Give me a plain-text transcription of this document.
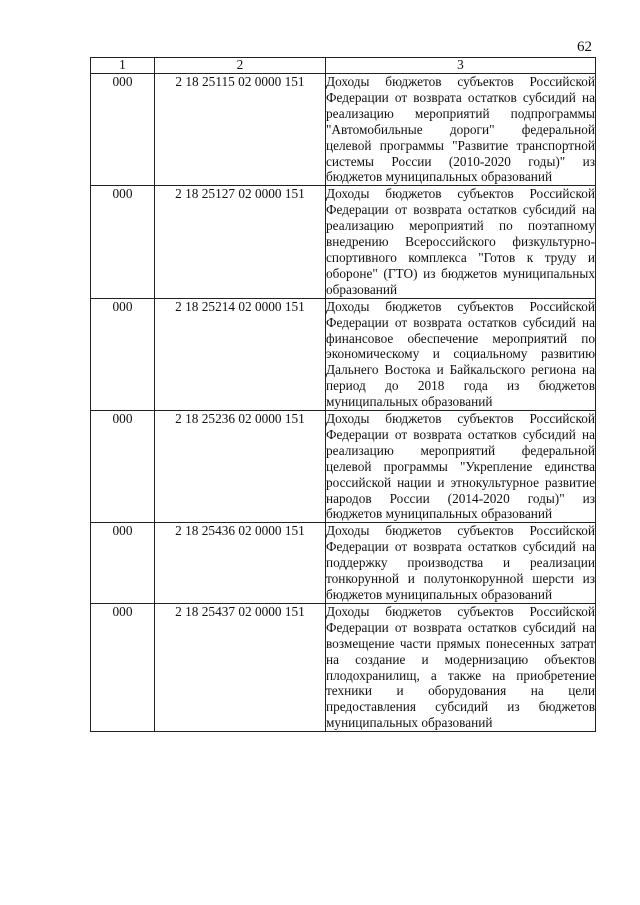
62
1	2	3
000	2 18 25115 02 0000 151	Доходы бюджетов субъектов Российской Федерации от возврата остатков субсидий на реализацию мероприятий подпрограммы "Автомобильные дороги" федеральной целевой программы "Развитие транспортной системы России (2010-2020 годы)" из бюджетов муниципальных образований
000	2 18 25127 02 0000 151	Доходы бюджетов субъектов Российской Федерации от возврата остатков субсидий на реализацию мероприятий по поэтапному внедрению Всероссийского физкультурно-спортивного комплекса "Готов к труду и обороне" (ГТО) из бюджетов муниципальных образований
000	2 18 25214 02 0000 151	Доходы бюджетов субъектов Российской Федерации от возврата остатков субсидий на финансовое обеспечение мероприятий по экономическому и социальному развитию Дальнего Востока и Байкальского региона на период до 2018 года из бюджетов муниципальных образований
000	2 18 25236 02 0000 151	Доходы бюджетов субъектов Российской Федерации от возврата остатков субсидий на реализацию мероприятий федеральной целевой программы "Укрепление единства российской нации и этнокультурное развитие народов России (2014-2020 годы)" из бюджетов муниципальных образований
000	2 18 25436 02 0000 151	Доходы бюджетов субъектов Российской Федерации от возврата остатков субсидий на поддержку производства и реализации тонкорунной и полутонкорунной шерсти из бюджетов муниципальных образований
000	2 18 25437 02 0000 151	Доходы бюджетов субъектов Российской Федерации от возврата остатков субсидий на возмещение части прямых понесенных затрат на создание и модернизацию объектов плодохранилищ, а также на приобретение техники и оборудования на цели предоставления субсидий из бюджетов муниципальных образований
